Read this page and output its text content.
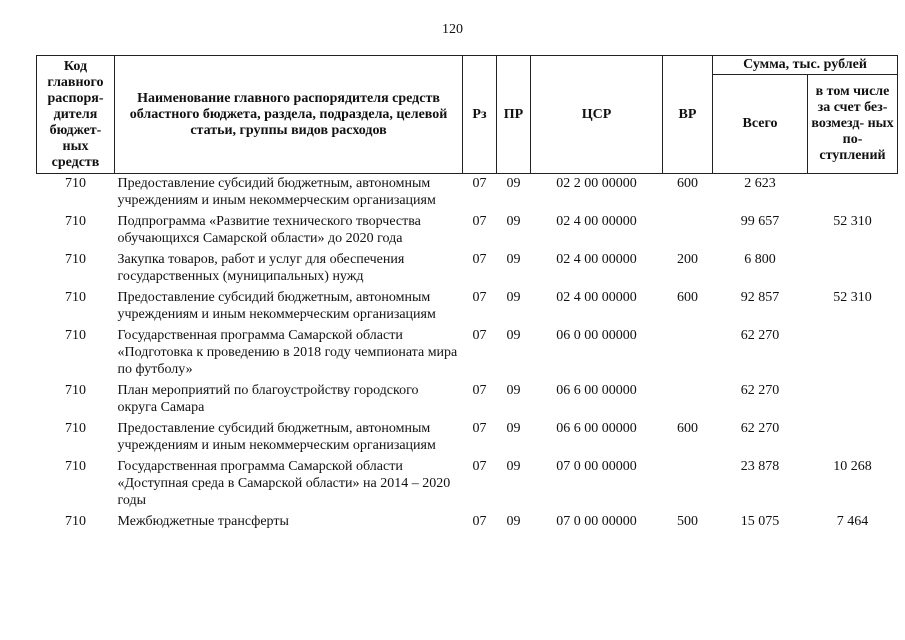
120
Код главного распоря- дителя бюджет- ных средств	Наименование главного распорядителя средств областного бюджета, раздела, подраздела, целевой статьи, группы видов расходов	Рз	ПР	ЦСР	ВР	Сумма, тыс. рублей	
						Всего	в том числе за счет без- возмезд- ных по- ступлений
710	Предоставление субсидий бюджетным, автономным учреждениям и иным некоммерческим организациям	07	09	02 2 00 00000	600	2 623	
710	Подпрограмма «Развитие технического творчества обучающихся Самарской области» до 2020 года	07	09	02 4 00 00000		99 657	52 310
710	Закупка товаров, работ и услуг для обеспечения государственных (муниципальных) нужд	07	09	02 4 00 00000	200	6 800	
710	Предоставление субсидий бюджетным, автономным учреждениям и иным некоммерческим организациям	07	09	02 4 00 00000	600	92 857	52 310
710	Государственная программа Самарской области «Подготовка к проведению в 2018 году чемпионата мира по футболу»	07	09	06 0 00 00000		62 270	
710	План мероприятий по благоустройству городского округа Самара	07	09	06 6 00 00000		62 270	
710	Предоставление субсидий бюджетным, автономным учреждениям и иным некоммерческим организациям	07	09	06 6 00 00000	600	62 270	
710	Государственная программа Самарской области «Доступная среда в Самарской области» на 2014 – 2020 годы	07	09	07 0 00 00000		23 878	10 268
710	Межбюджетные трансферты	07	09	07 0 00 00000	500	15 075	7 464
